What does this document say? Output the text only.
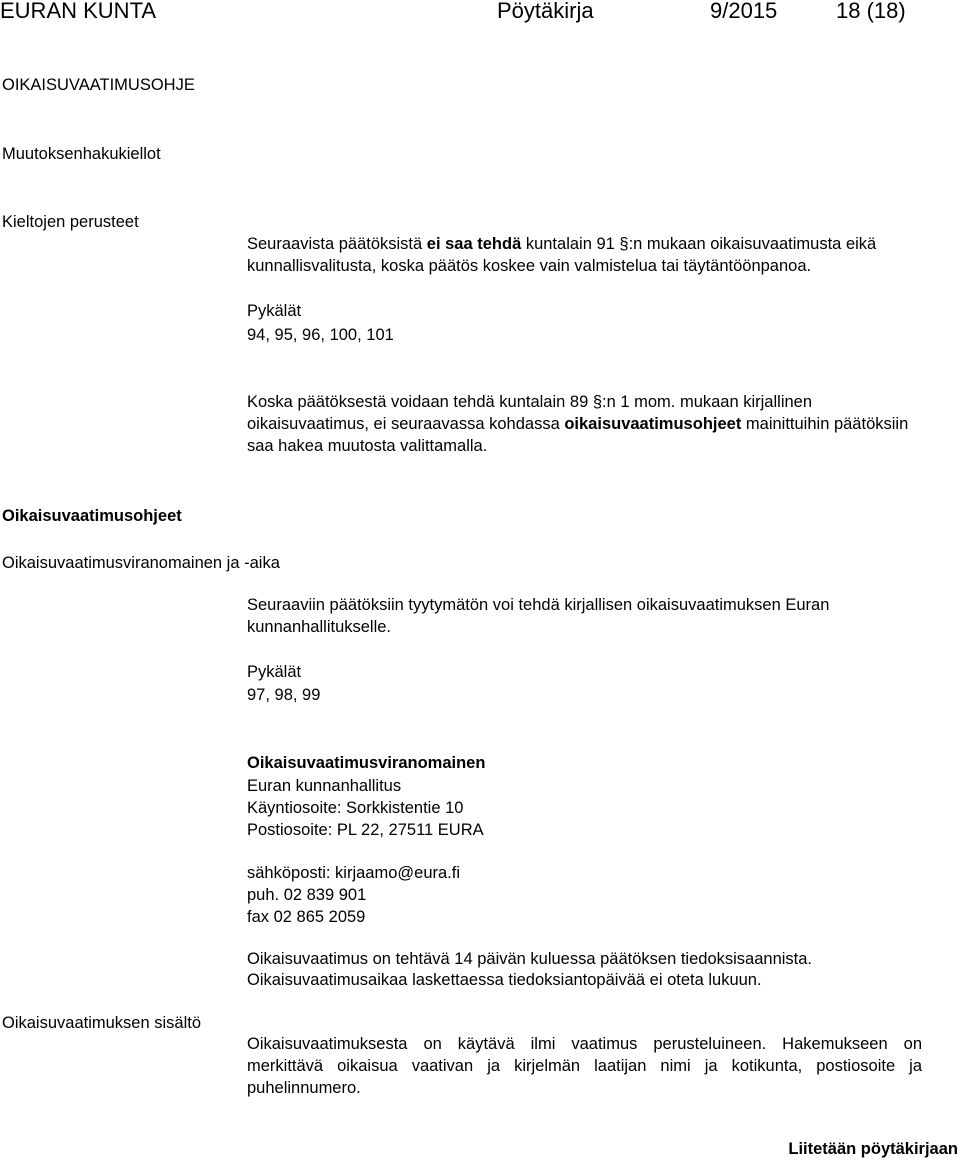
EURAN KUNTA	Pöytäkirja	9/2015	18 (18)
OIKAISUVAATIMUSOHJE
Muutoksenhakukiellot
Kieltojen perusteet

Seuraavista päätöksistä ei saa tehdä kuntalain 91 §:n mukaan oikaisuvaatimusta eikä kunnallisvalitusta, koska päätös koskee vain valmistelua tai täytäntöönpanoa.

Pykälät
94, 95, 96, 100, 101

Koska päätöksestä voidaan tehdä kuntalain 89 §:n 1 mom. mukaan kirjallinen oikaisuvaatimus, ei seuraavassa kohdassa oikaisuvaatimusohjeet mainittuihin päätöksiin saa hakea muutosta valittamalla.

Oikaisuvaatimusohjeet
Oikaisuvaatimusviranomainen ja -aika

Seuraaviin päätöksiin tyytymätön voi tehdä kirjallisen oikaisuvaatimuksen Euran kunnanhallitukselle.

Pykälät
97, 98, 99
Oikaisuvaatimusviranomainen
Euran kunnanhallitus
Käyntiosoite: Sorkkistentie 10
Postiosoite: PL 22, 27511 EURA
sähköposti: kirjaamo@eura.fi
puh. 02 839 901
fax 02 865 2059
Oikaisuvaatimus on tehtävä 14 päivän kuluessa päätöksen tiedoksisaannista.
Oikaisuvaatimusaikaa laskettaessa tiedoksiantopäivää ei oteta lukuun.
Oikaisuvaatimuksen sisältö

Oikaisuvaatimuksesta on käytävä ilmi vaatimus perusteluineen. Hakemukseen on merkittävä oikaisua vaativan ja kirjelmän laatijan nimi ja kotikunta, postiosoite ja puhelinnumero.

Liitetään pöytäkirjaan
